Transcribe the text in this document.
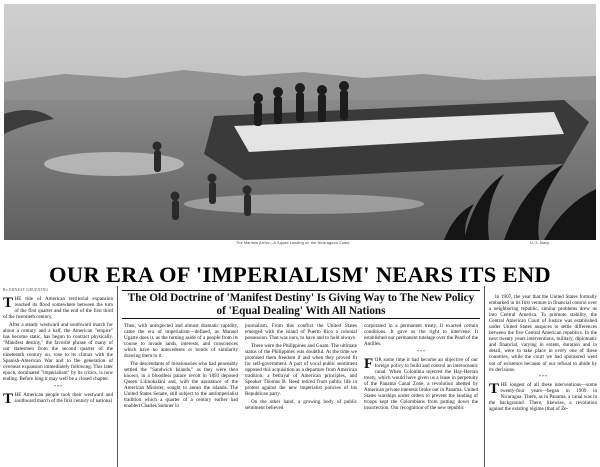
The Marines Arrive—A Squad Landing on the Nicaraguan Coast.	U. S. Navy.
OUR ERA OF 'IMPERIALISM' NEARS ITS END
The Old Doctrine of 'Manifest Destiny' Is Giving Way to The New Policy of 'Equal Dealing' With All Nations
By ERNEST GRUENING

THE tide of American territorial expansion reached its flood somewhere between the turn of the first quarter and the end of the first third of the twentieth century.

After a steady westward and southward march for about a century and a half, the American "empire" has become static, has begun to contract physically. "Manifest destiny," the favorite phrase of many of our statesmen from the second quarter of the nineteenth century on, rose to its climax with the Spanish-American War and to the generation of overseas expansion immediately following. This later epoch, dominated "imperialism" by its critics, is now ending. Before long it may well be a closed chapter.

* * *

THE American people took their westward and southward march of the first century of national

Then, with unexpected and almost dramatic rapidity, came the era of imperialism—defined, as Manuel Ugarte does it, as the turning aside of a people from its course to invade lands, interests, and consciences which have no antecedents or bonds of similarity drawing them to it.

The descendants of missionaries who had peaceably settled the "Sandwich Islands," as they were then known, in a bloodless palace revolt in 1893 deposed Queen Liliuokalani and, with the assistance of the American Minister, sought to annex the islands. The United States Senate, still subject to the antiimperialist tradition which a quarter of a century earlier had enabled Charles Sumner to

journalism. From this conflict the United States emerged with the island of Puerto Rico a colonial possession. That was ours, to have and to hold always.

There were the Philippines and Guam. The ultimate status of the Philippines was doubtful. At the time we promised them freedom if and when they proved fit for self-government. A part of vocal public sentiment opposed this acquisition as a departure from American tradition, a betrayal of American principles, and Speaker Thomas B. Reed retired from public life in protest against the new imperialist policies of his Republican party.

On the other hand, a growing body of public sentiment believed

corporated in a permanent treaty. It exacted certain conditions. It gave us the right to intervene. It established our permanent tutelage over the Pearl of the Antilles.

* * *

FOR some time it had become an objective of our foreign policy to build and control an interoceanic canal. When Colombia rejected the Hay-Herran treaty, which would have given us a lease in perpetuity of the Panama Canal Zone, a revolution abetted by American private interests broke out in Panama. United States warships under orders to prevent the landing of troops kept the Colombians from putting down the insurrection. Our recognition of the new republic

In 1907, the year that the United States formally embarked in its first venture in financial control over a neighboring republic, similar problems drew us into Central America. To promote stability, the Central American Court of Justice was established under United States auspices to settle differences between the five Central American republics. In the next twenty years interventions, military, diplomatic and financial, varying in extent, duration and in detail, were to take place in every one of these countries, while the court we had sponsored went out of existence because of our refusal to abide by its decisions.

* * *

THE longest of all these interventions—some twenty-four years—began in 1909 in Nicaragua. There, as in Panama, a canal was in the background. There, likewise, a revolution against the existing régime (that of Ze-
